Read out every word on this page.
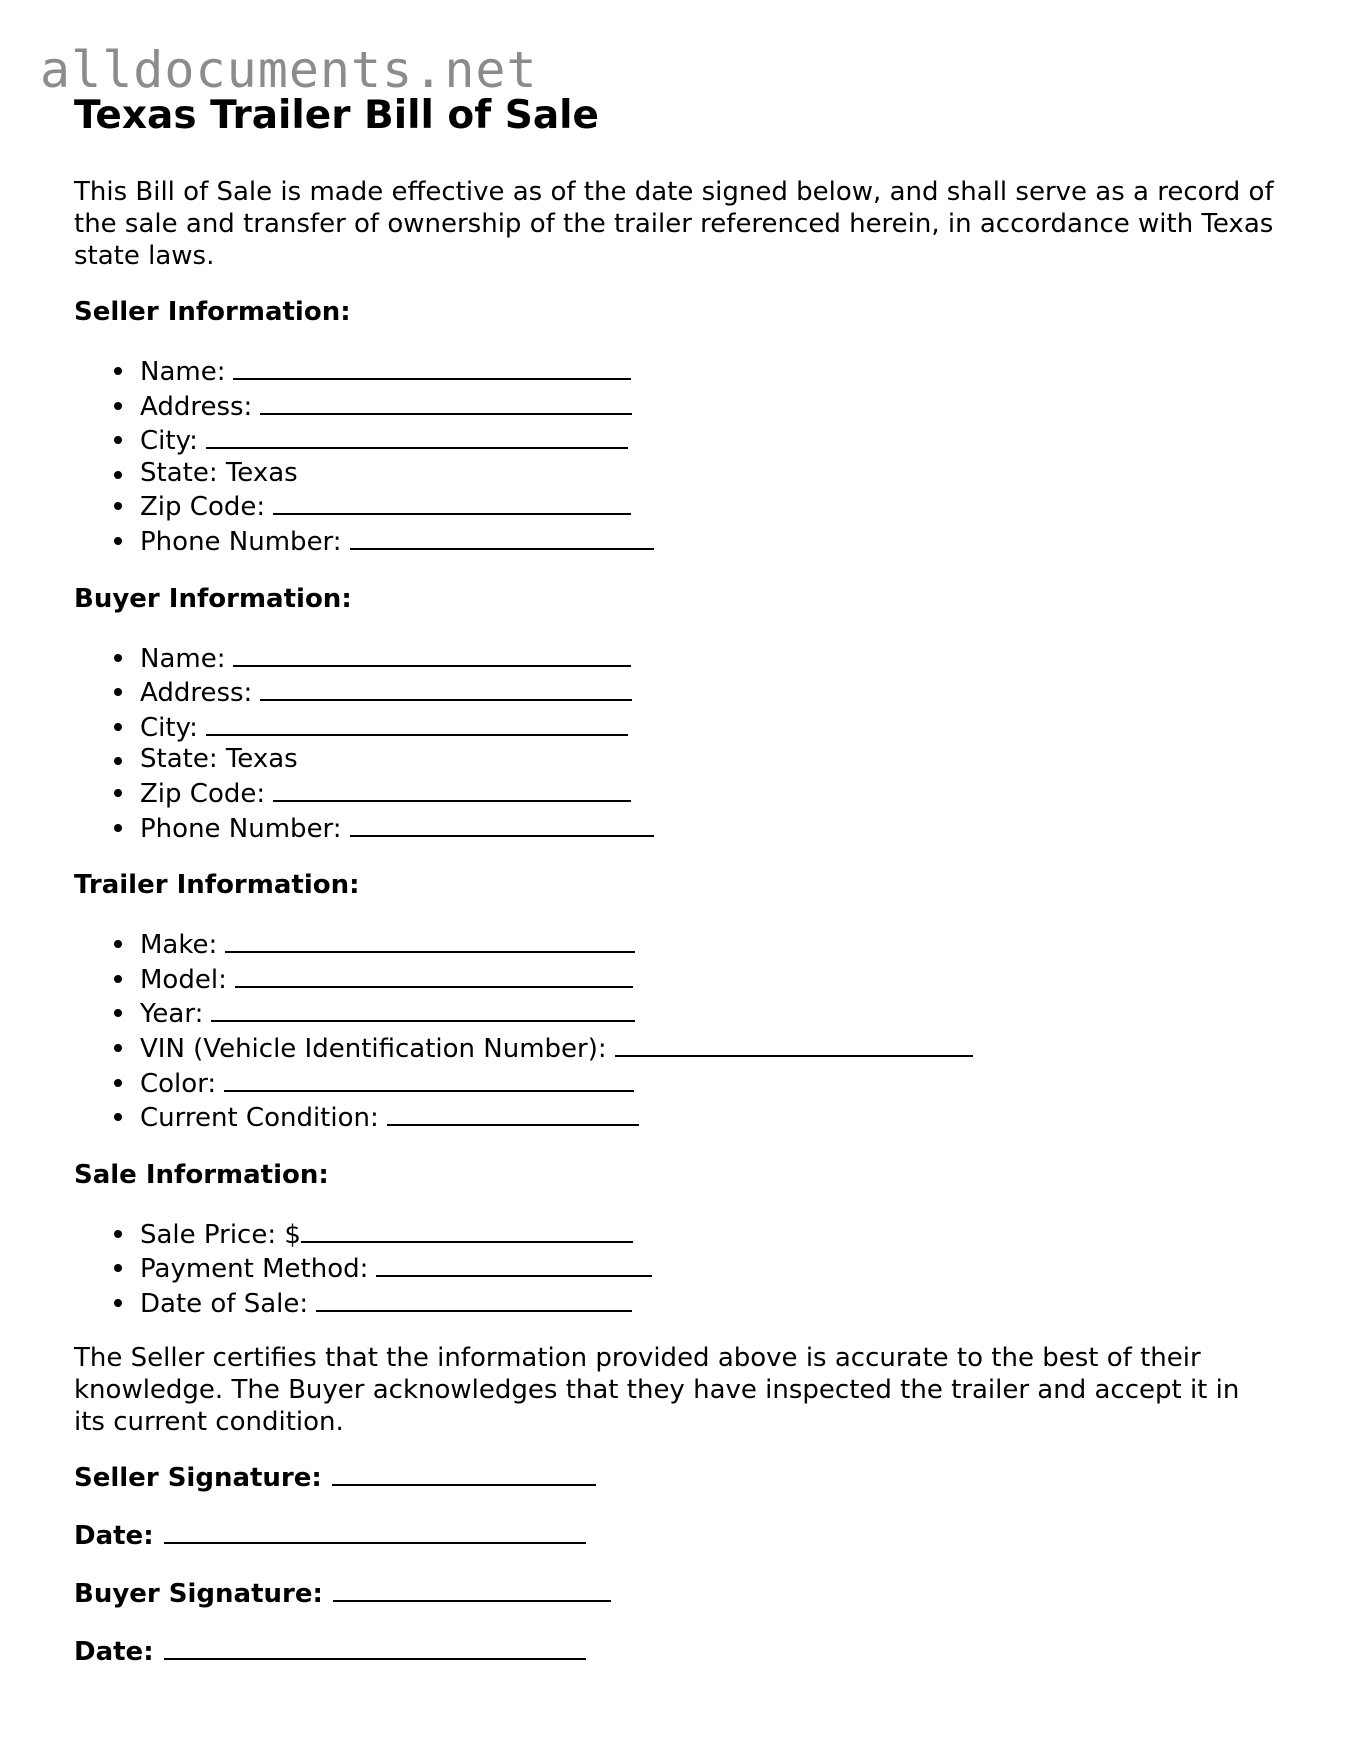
alldocuments.net
Texas Trailer Bill of Sale

This Bill of Sale is made effective as of the date signed below, and shall serve as a record of the sale and transfer of ownership of the trailer referenced herein, in accordance with Texas state laws.

Seller Information:
Name:
Address:
City:
State: Texas
Zip Code:
Phone Number:
Buyer Information:
Name:
Address:
City:
State: Texas
Zip Code:
Phone Number:
Trailer Information:
Make:
Model:
Year:
VIN (Vehicle Identification Number):
Color:
Current Condition:
Sale Information:
Sale Price: $
Payment Method:
Date of Sale:

The Seller certifies that the information provided above is accurate to the best of their knowledge. The Buyer acknowledges that they have inspected the trailer and accept it in its current condition.

Seller Signature:
Date:
Buyer Signature:
Date:
